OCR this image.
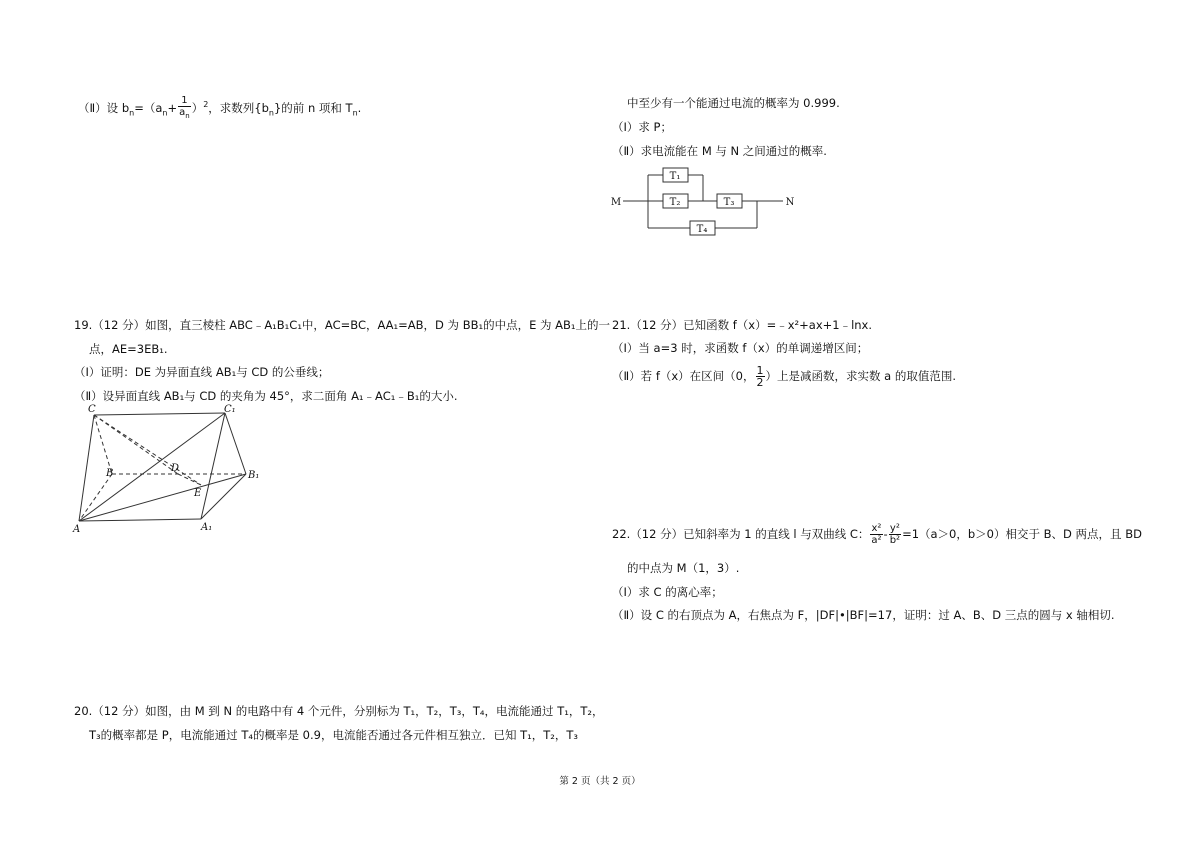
（Ⅱ）设 $b_n=(a_n+ \frac{1}{a_n} )^2$，求数列$\{b_n\}$的前 n 项和 $T_n$.
19.（12 分）如图，直三棱柱 ABC﹣A₁B₁C₁中，AC=BC，AA₁=AB，D 为 BB₁的中点，E 为 AB₁上的一
点，AE=3EB₁.
（Ⅰ）证明：DE 为异面直线 AB₁与 CD 的公垂线；
（Ⅱ）设异面直线 AB₁与 CD 的夹角为 45°，求二面角 A₁﹣AC₁﹣B₁的大小.
C	C₁
B	D
B₁
E
A	A₁
20.（12 分）如图，由 M 到 N 的电路中有 4 个元件，分别标为 T₁，T₂，T₃，T₄，电流能通过 T₁，T₂，
T₃的概率都是 P，电流能通过 T₄的概率是 0.9，电流能否通过各元件相互独立．已知 T₁，T₂，T₃
中至少有一个能通过电流的概率为 0.999.
（Ⅰ）求 P；
（Ⅱ）求电流能在 M 与 N 之间通过的概率.
M	N
T₁
T₂	T₃
T₄
21.（12 分）已知函数 f（x）=﹣x²+ax+1﹣lnx.
（Ⅰ）当 a=3 时，求函数 f（x）的单调递增区间；
（Ⅱ）若 f（x）在区间（0， $\frac{1}{2}$ ）上是减函数，求实数 a 的取值范围.
22.（12 分）已知斜率为 1 的直线 l 与双曲线 C： $\frac{\text{x²}}{\text{a²}} - \frac{\text{y²}}{\text{b²}} =1(a>0$，b＞0）相交于 B、D 两点，且 BD
的中点为 M（1，3）.
（Ⅰ）求 C 的离心率；
（Ⅱ）设 C 的右顶点为 A，右焦点为 F，|DF|•|BF|=17，证明：过 A、B、D 三点的圆与 x 轴相切.
第 2 页（共 2 页）
